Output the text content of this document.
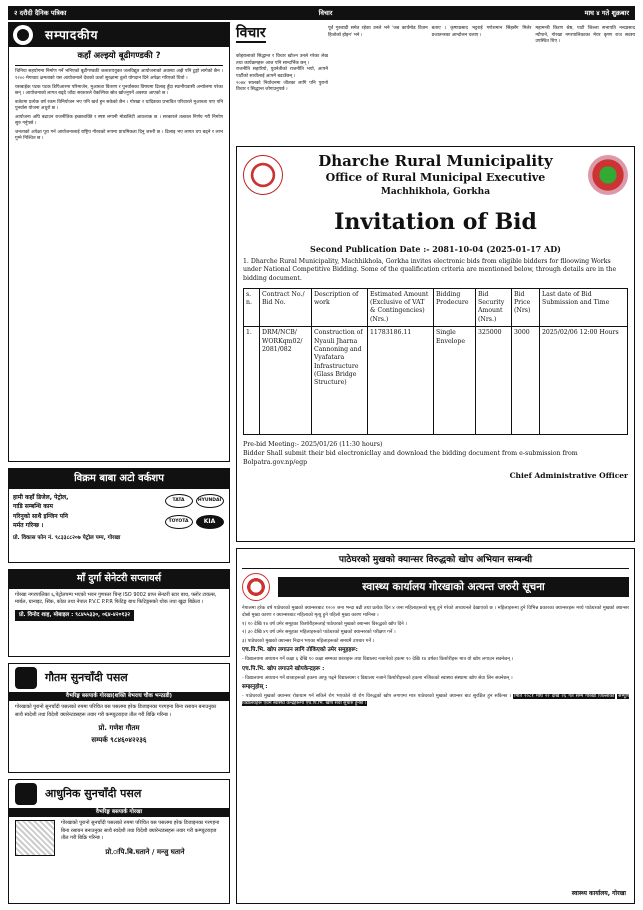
२ दरौदी दैनिक पत्रिका	विचार	माघ ४ गते शुक्रबार
सम्पादकीय
कहाँ अल्झ्यो बूढीगण्डकी ?

चिनिया सहयोगमा निर्माण गर्ने भनिएको बूढीगण्डकी जलाशययुक्त जलविद्युत आयोजनाको अवस्था अझै पनि टुङ्गो लागेको छैन । १२०० मेगावाट क्षमताको यस आयोजनाले देशको ऊर्जा सुरक्षामा ठूलो योगदान दिने अपेक्षा गरिएको थियो ।

यसबाहेक पटक पटक डिपिआरमा परिमार्जन, मुआब्जा वितरण र पुनर्वासका विषयमा ढिलाइ हुँदा स्थानीयवासी अन्योलमा परेका छन् । आयोजनाको लागत बढ्दै जाँदा सरकारले वैकल्पिक स्रोत खोज्नुपर्ने अवस्था आएको छ ।

बजेटमा प्रत्येक वर्ष रकम विनियोजन भए पनि खर्च हुन सकेको छैन । गोरखा र धादिङका प्रभावित परिवारले मुआब्जा पाए पनि पुनर्वास योजना अधुरो छ ।

आयोजना अघि बढाउन राजनीतिक इच्छाशक्ति र स्पष्ट लगानी मोडालिटी आवश्यक छ । सरकारले तत्काल निर्णय गरी निर्माण सुरु गर्नुपर्छ ।

जनताको अपेक्षा पूरा गर्न आयोजनालाई राष्ट्रिय गौरवको रूपमा प्राथमिकता दिनु जरुरी छ । ढिलाइ भए लागत थप बढ्ने र लाभ गुम्ने निश्चित छ ।

विक्रम बाबा अटो वर्कशप
हामी कहाँ डिजेल, पेट्रोल,
गाडि सम्बन्धि काम
गरिनुको साथै इन्जिन पनि
मर्मत गरिन्छ ।
TATA	HYUNDAI
TOYOTA	KIA
प्रो. विकास फोन नं. ९८३३८८२०७ पेट्रोल पम्प, गोरखा
माँ दुर्गा सेनेटरी सप्लायर्स
गोरखा नगरपालिका ६,पेट्रोलपम्प भएको भवन गुणस्तर चिन्ह ISO 9002 प्राप्त सेनटरी स्टार बाथ, फ्लोर टायल्स, मार्बल, ग्रानाइट, सिंक, कोठा तथा नेपाल P.V.C P.P.R फिटिङ्ग बाथ फिटिङ्गसको थोक तथा खुद्रा बिक्रेता ।
प्रो. विनोद शाह, मोबाइल : ९८४५५३३०, ०६४-४२०१३२
गौतम सुनचाँदी पसल
वैभरिङ्ग बसपार्क गोरखा(शक्ति बेभराघ चौक भन्ठाडी)
गोरखाको पुरानो सुनचाँदी पसलको रुपमा परिचित यस पसलमा हरेक डिजाइनका गरगहना बिना रसायन बनाउनुका साथै स्वदेशी तथा विदेशी क्यारेन्टडसहरू तयार गरी कम्प्युटराइज तौल गरी बिक्रि गरिन्छ ।
प्रो. गणेश गौतम
सम्पर्क ९८४६०४२२३६
आधुनिक सुनचाँदी पसल
वैभरिङ्ग बसपार्क गोरखा
गोरखाको पुरानो सुनचाँदी पसलको रुपमा परिचित यस पसलमा हरेक डिजाइनका गरगहना बिना रसायन बनाउनुका साथै स्वदेशी तथा विदेशी क्यारेन्टडसहरू तयार गरी कम्प्युटराइज तौल गरी बिक्रि गरिन्छ ।
प्रो.ःपि.बि.घताने / मन्जु घताने
विचार	पूर्व गुरुवादी समेत रहेका उनले भने 'जब कार्यमोड विजन हिजोको होइन' भने ।
बताए । कृष्णप्रसाद भट्टराई गणेशमान सिंहसँग मिलेर प्रजातन्त्रका आन्दोलन चलाए ।
महामन्त्री किरण श्रेष्ठ, पाटी जिल्ला सभापति नन्दप्रसाद न्यौपाने, गोरखा नगरपालिकाका मेयर कृष्ण राज सदस्य उपस्थित थिए ।

कोइरालाको सिद्धान्त र विचार खोज्न उनले गरेका लेख तथा कार्यक्रमहरू आज पनि सान्दर्भिक छन् ।

राजनीति सहारियो, युवनेतीको राजनीति भयो, आफ्नै पार्टीको साथीलाई आफ्नै बढाउँछन् ।

२०४४ सालको निर्वाचनमा जीतका लागि पनि पुरानो विचार र सिद्धान्त जोगाउनुपर्छ ।

Dharche Rural Municipality
Office of Rural Municipal Executive
Machhikhola, Gorkha
Invitation of Bid
Second Publication Date :- 2081-10-04 (2025-01-17 AD)
1. Dharche Rural Municipality, Machhikhola, Gorkha invites electronic bids from eligible bidders for flloowing Works under National Competitive Bidding. Some of the qualification criteria are mentioned below, through details are in the bidding document.
s. n.	Contract No./ Bid No.	Description of work	Estimated Amount (Exclusive of VAT & Contingencies) (Nrs.)	Bidding Prodecure	Bid Security Amount (Nrs.)	Bid Price (Nrs)	Last date of Bid Submission and Time
1.	DRM/NCB/ WORKqm02/ 2081/082	Construction of Nyauli Jharna Cannoning and Vyafatara Infrastructure (Glass Bridge Structure)	11783186.11	Single Envelope	325000	3000	2025/02/06 12:00 Hours
Pre-bid Meeting:- 2025/01/26 (11:30 hours)
Bidder Shall submit their bid electronicllay and download the bidding document from e-submission from Bolpatra.gov.np/egp
Chief Administrative Officer
पाठेघरको मुखको क्यान्सर विरुद्धको खोप अभियान सम्बन्धी
स्वास्थ्य कार्यालय गोरखाको अत्यन्त जरुरी सूचना

नेपालमा हरेक वर्ष पाठेघरको मुखको क्यान्सरबाट १२०० जना भन्दा बढी तथा प्रत्येक दिन ४ जना महिलाहरूको मृत्यु हुने गरेको अध्ययनले देखाएको छ । महिलाहरूमा हुने विभिन्न प्रकारका क्यान्सरहरू मध्ये पाठेघरको मुखको क्यान्सर दोस्रो मुख्य कारण र क्यान्सरबाट महिलाको मृत्यु हुने पहिलो मुख्य कारण मानिन्छ ।

१) १० देखि १४ वर्ष उमेर समूहका किशोरीहरूलाई पाठेघरको मुखको क्यान्सर विरुद्धको खोप दिने ।

२) ३० देखि ४९ वर्ष उमेर समूहका महिलाहरूको पाठेघरको मुखको क्यान्सरको परीक्षण गर्ने ।

३) पाठेघरको मुखको क्यान्सर निदान भएका महिलाहरूको समयमै उपचार गर्ने ।

एच.पि.भि. खोप लगाउन लागि तोकिएको उमेर समूहहरू:

- विद्यालयमा अध्ययन गर्ने कक्षा ६ देखि १० कक्षा सम्मका छात्राहरू तथा विद्यालय नजानेको हकमा १० देखि १४ वर्षका किशोरीहरू मात्र यो खोप लगाउन सक्नेछन् ।

एच.पि.भि. खोप लगाउने खोपकेन्द्रहरू :

- विद्यालयमा अध्ययन गर्ने छात्राहरूको हकमा आफू पढ्ने विद्यालयमा र विद्यालय नजाने किशोरीहरूको हकमा नजिकको स्वास्थ्य संस्थामा खोप सेवा लिन सक्नेछन् ।

सम्झनुहोस् :

- पाठेघरको मुखको क्यान्सर रोकथाम गर्न सकिने रोग भएकोले यो रोग विरुद्धको खोप लगाएमा मात्र पाठेघरको मुखको क्यान्सर बाट सुरक्षित हुन सकिन्छ । मिति २०८१ माघ २२ देखि २६ गते सम्म गोरखा जिल्लाको सम्पूर्ण विद्यालयहरू एवम स्वास्थ्य केन्द्रहरूमा एच.पि.भि. खोप सेवा सुचारु हुनेछ ।

स्वास्थ्य कार्यालय, गोरखा
